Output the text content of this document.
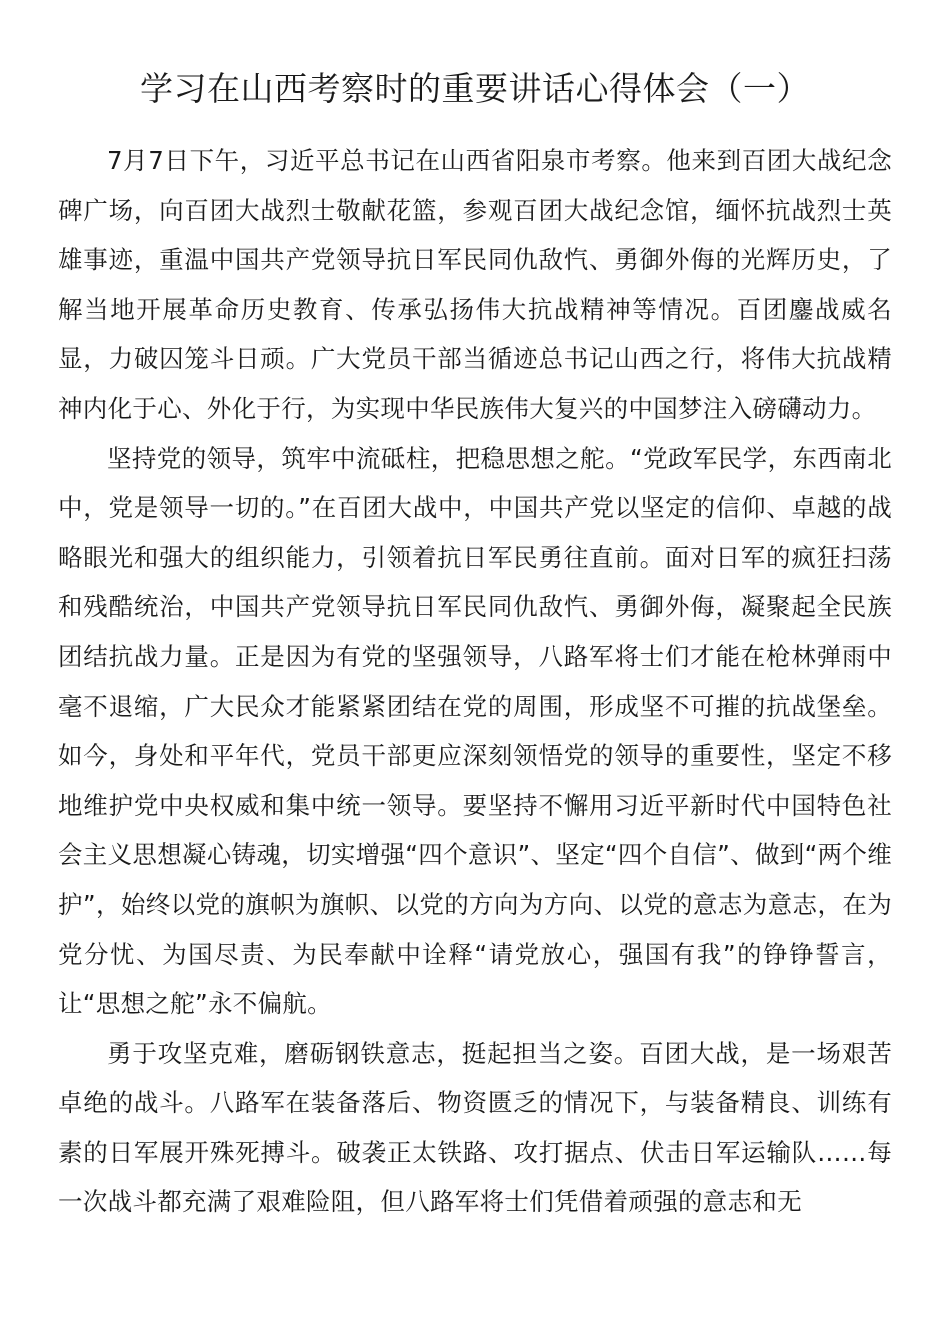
学习在山西考察时的重要讲话心得体会（一）

7月7日下午，习近平总书记在山西省阳泉市考察。他来到百团大战纪念碑广场，向百团大战烈士敬献花篮，参观百团大战纪念馆，缅怀抗战烈士英雄事迹，重温中国共产党领导抗日军民同仇敌忾、勇御外侮的光辉历史，了解当地开展革命历史教育、传承弘扬伟大抗战精神等情况。百团鏖战威名显，力破囚笼斗日顽。广大党员干部当循迹总书记山西之行，将伟大抗战精神内化于心、外化于行，为实现中华民族伟大复兴的中国梦注入磅礴动力。

坚持党的领导，筑牢中流砥柱，把稳思想之舵。“党政军民学，东西南北中，党是领导一切的。”在百团大战中，中国共产党以坚定的信仰、卓越的战略眼光和强大的组织能力，引领着抗日军民勇往直前。面对日军的疯狂扫荡和残酷统治，中国共产党领导抗日军民同仇敌忾、勇御外侮，凝聚起全民族团结抗战力量。正是因为有党的坚强领导，八路军将士们才能在枪林弹雨中毫不退缩，广大民众才能紧紧团结在党的周围，形成坚不可摧的抗战堡垒。如今，身处和平年代，党员干部更应深刻领悟党的领导的重要性，坚定不移地维护党中央权威和集中统一领导。要坚持不懈用习近平新时代中国特色社会主义思想凝心铸魂，切实增强“四个意识”、坚定“四个自信”、做到“两个维护”，始终以党的旗帜为旗帜、以党的方向为方向、以党的意志为意志，在为党分忧、为国尽责、为民奉献中诠释“请党放心，强国有我”的铮铮誓言，让“思想之舵”永不偏航。

勇于攻坚克难，磨砺钢铁意志，挺起担当之姿。百团大战，是一场艰苦卓绝的战斗。八路军在装备落后、物资匮乏的情况下，与装备精良、训练有素的日军展开殊死搏斗。破袭正太铁路、攻打据点、伏击日军运输队……每一次战斗都充满了艰难险阻，但八路军将士们凭借着顽强的意志和无
